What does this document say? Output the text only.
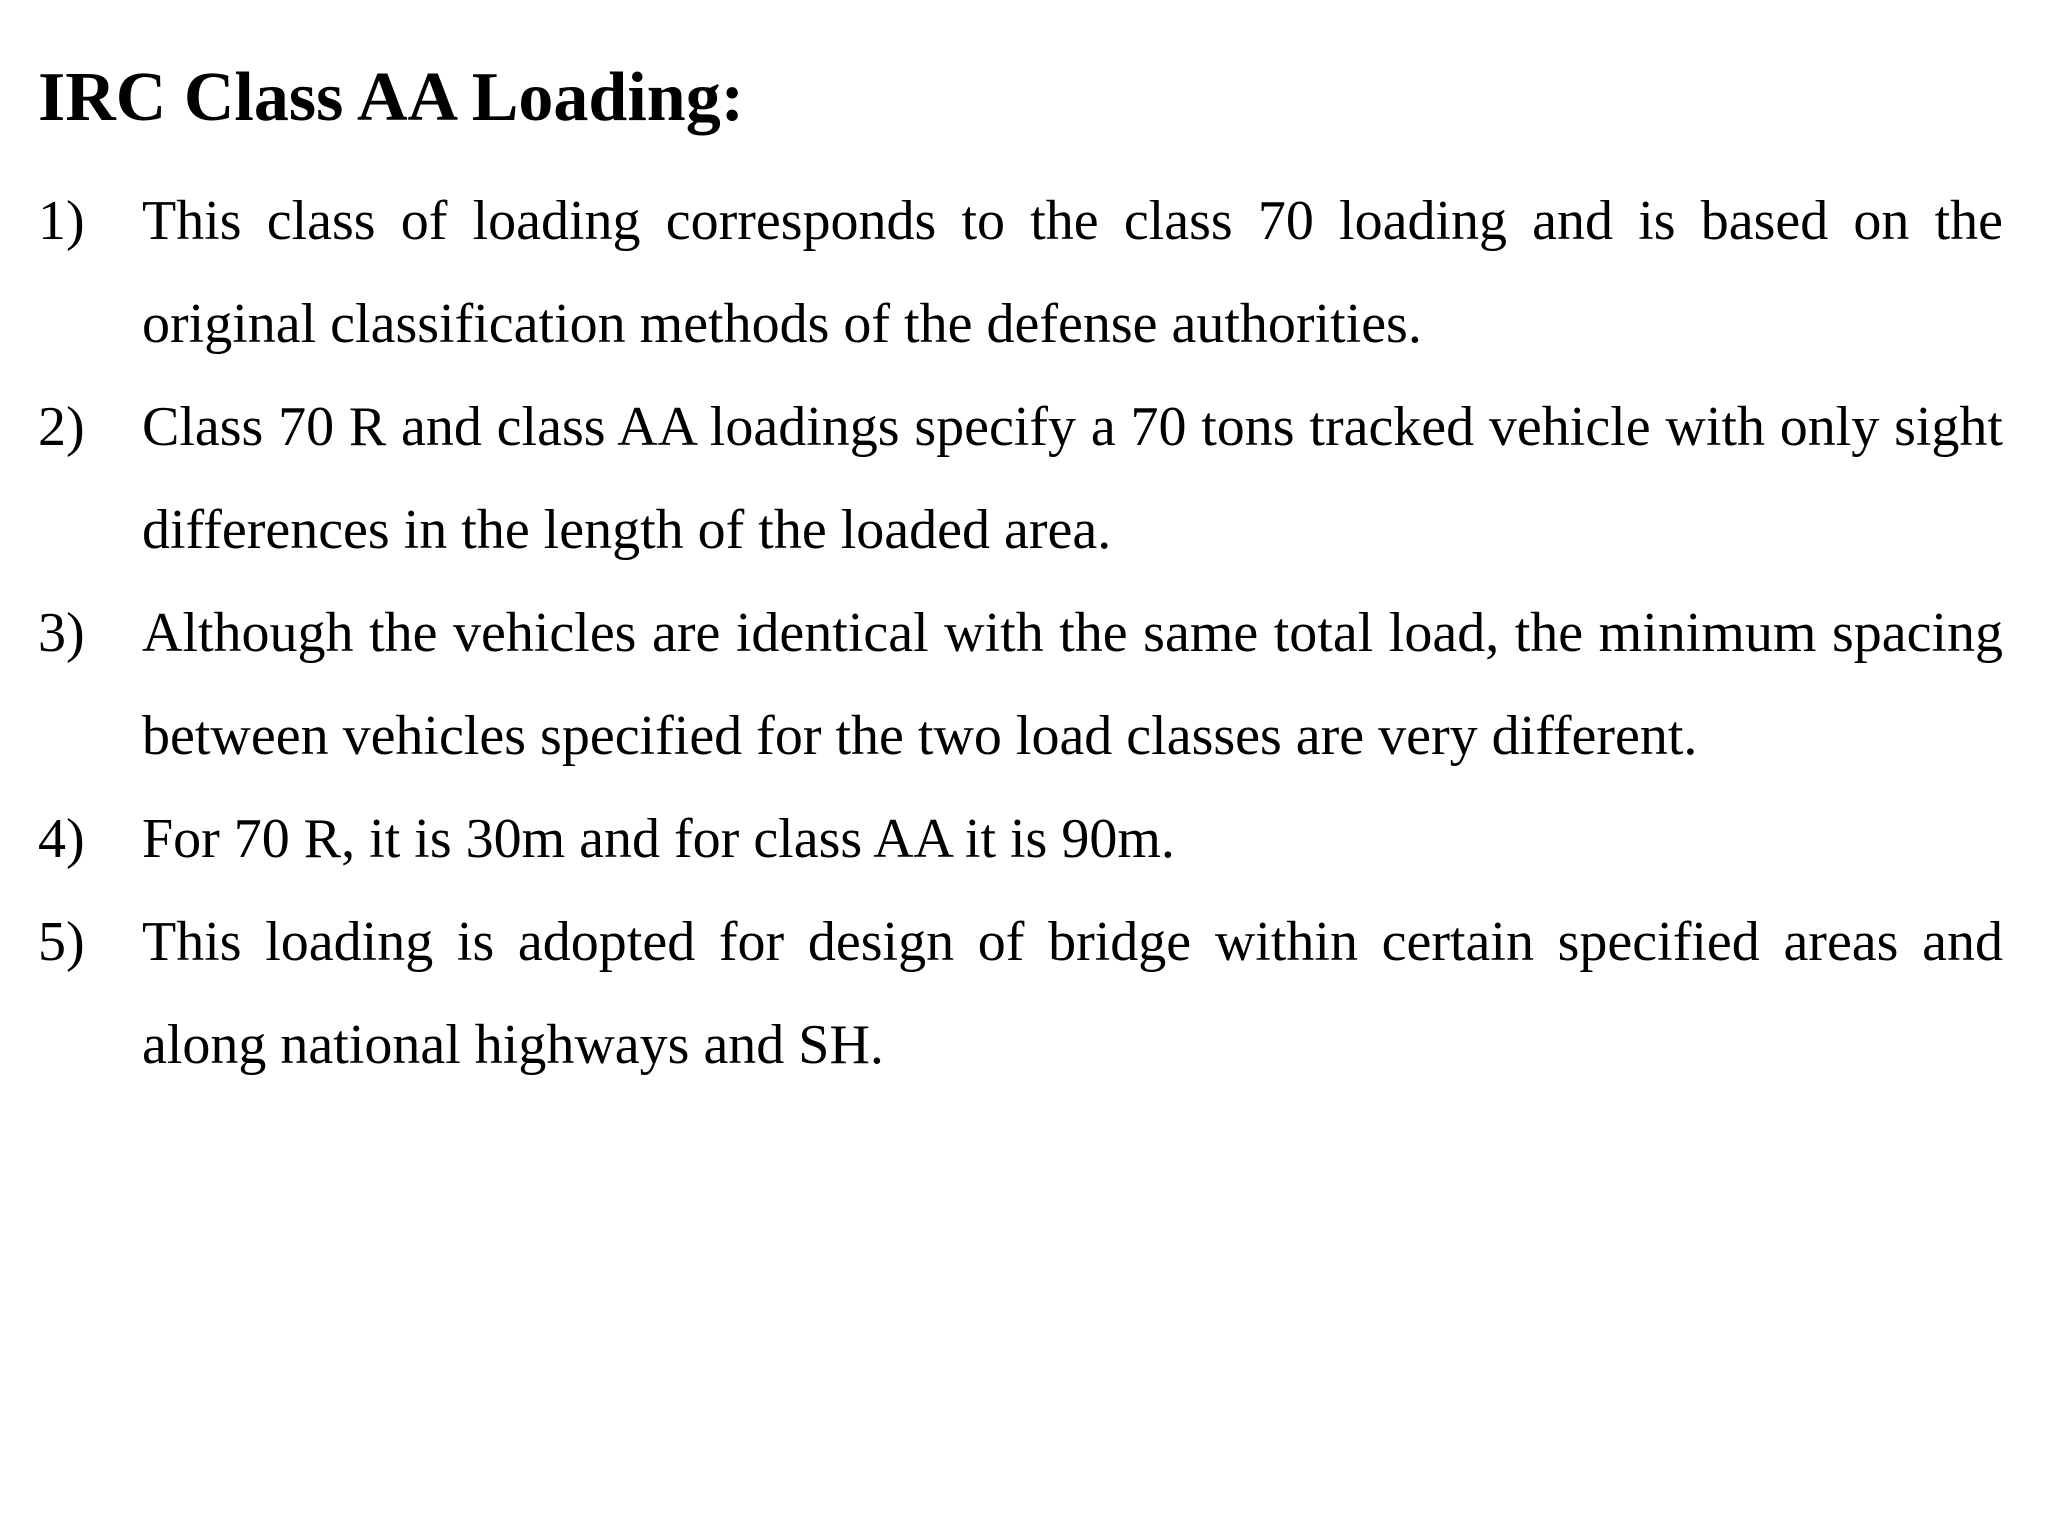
IRC Class AA Loading:
1) This class of loading corresponds to the class 70 loading and is based on the original classification methods of the defense authorities.
2) Class 70 R and class AA loadings specify a 70 tons tracked vehicle with only sight differences in the length of the loaded area.
3) Although the vehicles are identical with the same total load, the minimum spacing between vehicles specified for the two load classes are very different.
4) For 70 R, it is 30m and for class AA it is 90m.
5) This loading is adopted for design of bridge within certain specified areas and along national highways and SH.
